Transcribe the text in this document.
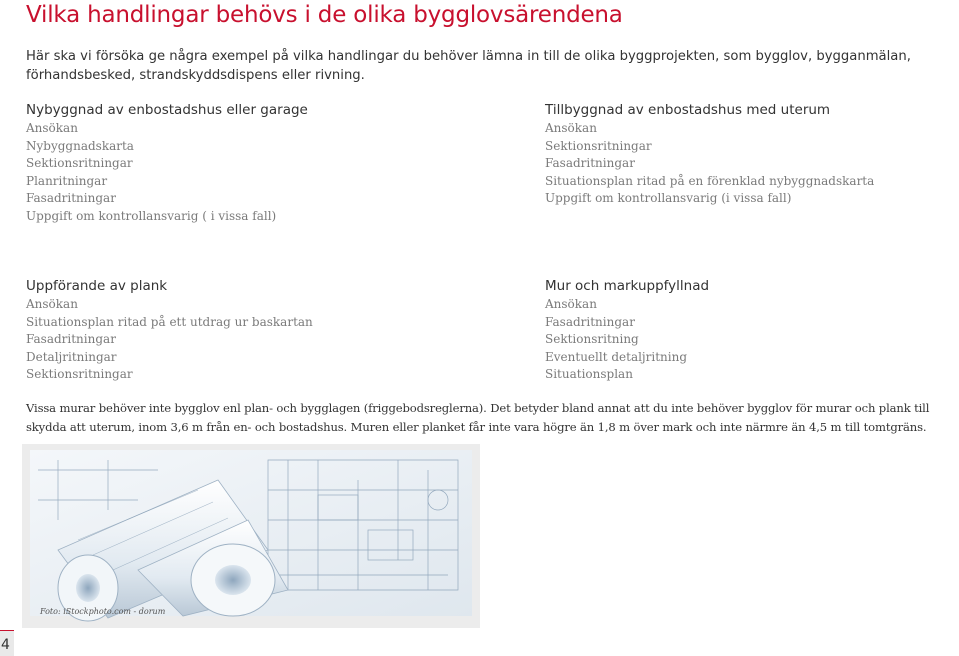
Vilka handlingar behövs i de olika bygglovsärendena
Här ska vi försöka ge några exempel på vilka handlingar du behöver lämna in till de olika byggprojekten, som bygglov, bygganmälan, förhandsbesked, strandskyddsdispens eller rivning.
Nybyggnad av enbostadshus eller garage
Ansökan
Nybyggnadskarta
Sektionsritningar
Planritningar
Fasadritningar
Uppgift om kontrollansvarig ( i vissa fall)
Tillbyggnad av enbostadshus med uterum
Ansökan
Sektionsritningar
Fasadritningar
Situationsplan ritad på en förenklad nybyggnadskarta
Uppgift om kontrollansvarig (i vissa fall)
Uppförande av plank
Ansökan
Situationsplan ritad på ett utdrag ur baskartan
Fasadritningar
Detaljritningar
Sektionsritningar
Mur och markuppfyllnad
Ansökan
Fasadritningar
Sektionsritning
Eventuellt detaljritning
Situationsplan
Vissa murar behöver inte bygglov enl plan- och bygglagen (friggebodsreglerna). Det betyder bland annat att du inte behöver bygglov för murar och plank till skydda att uterum, inom 3,6 m från en- och bostadshus. Muren eller planket får inte vara högre än 1,8 m över mark och inte närmre än 4,5 m till tomtgräns.
Foto: iStockphoto.com - dorum
4
